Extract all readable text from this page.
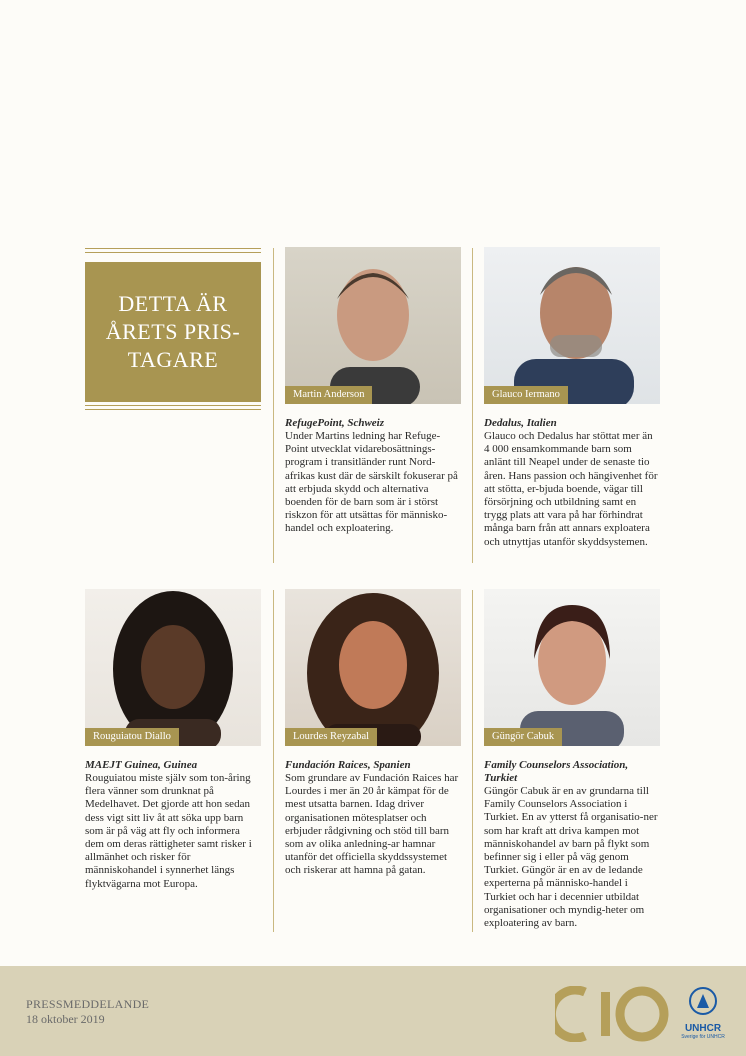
DETTA ÄR
ÅRETS PRIS-
TAGARE
Martin Anderson
RefugePoint, Schweiz

Under Martins ledning har Refuge-Point utvecklat vidarebosättnings-program i transitländer runt Nord-afrikas kust där de särskilt fokuserar på att erbjuda skydd och alternativa boenden för de barn som är i störst riskzon för att utsättas för människo-handel och exploatering.

Glauco Iermano
Dedalus, Italien

Glauco och Dedalus har stöttat mer än 4 000 ensamkommande barn som anlänt till Neapel under de senaste tio åren. Hans passion och hängivenhet för att stötta, er-bjuda boende, vägar till försörjning och utbildning samt en trygg plats att vara på har förhindrat många barn från att annars exploatera och utnyttjas utanför skyddsystemen.

Rouguiatou Diallo
MAEJT Guinea, Guinea

Rouguiatou miste själv som ton-åring flera vänner som drunknat på Medelhavet. Det gjorde att hon sedan dess vigt sitt liv åt att söka upp barn som är på väg att fly och informera dem om deras rättigheter samt risker i allmänhet och risker för människohandel i synnerhet längs flyktvägarna mot Europa.

Lourdes Reyzabal
Fundación Raices, Spanien

Som grundare av Fundación Raices har Lourdes i mer än 20 år kämpat för de mest utsatta barnen. Idag driver organisationen mötesplatser och erbjuder rådgivning och stöd till barn som av olika anledning-ar hamnar utanför det officiella skyddssystemet och riskerar att hamna på gatan.

Güngör Cabuk
Family Counselors Association, Turkiet

Güngör Cabuk är en av grundarna till Family Counselors Association i Turkiet. En av ytterst få organisatio-ner som har kraft att driva kampen mot människohandel av barn på flykt som befinner sig i eller på väg genom Turkiet. Güngör är en av de ledande experterna på människo-handel i Turkiet och har i decennier utbildat organisationer och myndig-heter om exploatering av barn.

PRESSMEDDELANDE
18 oktober 2019
UNHCR
Sverige för UNHCR
